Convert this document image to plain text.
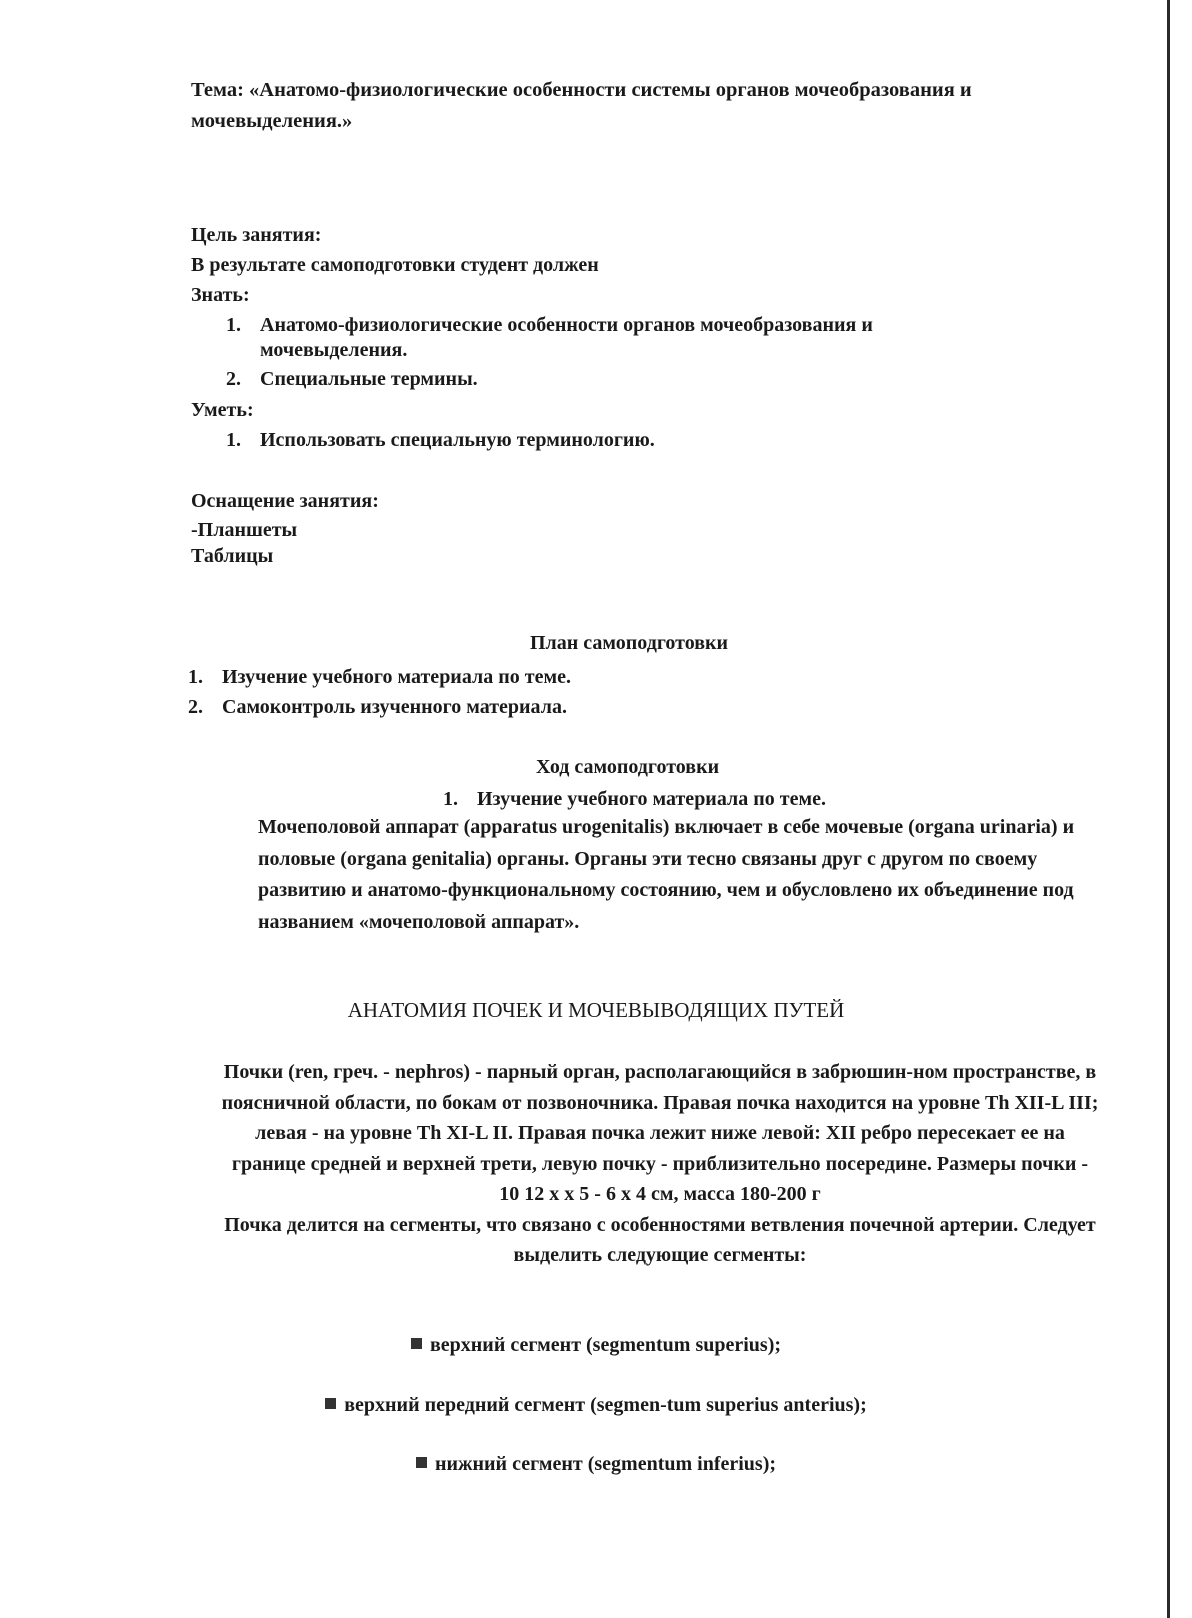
Тема: «Анатомо-физиологические особенности системы органов мочеобразования и мочевыделения.»

Цель занятия:

В результате самоподготовки студент должен

Знать:

1. Анатомо-физиологические особенности органов мочеобразования и мочевыделения.
2. Специальные термины.

Уметь:

1. Использовать специальную терминологию.

Оснащение занятия:

-Планшеты

Таблицы

План самоподготовки

1. Изучение учебного материала по теме.
2. Самоконтроль изученного материала.

Ход самоподготовки

1. Изучение учебного материала по теме.

Мочеполовой аппарат (apparatus urogenitalis) включает в себе мочевые (organa urinaria) и половые (organa genitalia) органы. Органы эти тесно связаны друг с другом по своему развитию и анатомо-функциональному состоянию, чем и обусловлено их объединение под названием «мочеполовой аппарат».

АНАТОМИЯ ПОЧЕК И МОЧЕВЫВОДЯЩИХ ПУТЕЙ

Почки (ren, греч. - nephros) - парный орган, располагающийся в забрюшин-ном пространстве, в поясничной области, по бокам от позвоночника. Правая почка находится на уровне Th XII-L III; левая - на уровне Th XI-L II. Правая почка лежит ниже левой: XII ребро пересекает ее на границе средней и верхней трети, левую почку - приблизительно посередине. Размеры почки - 10 12 х х 5 - 6 х 4 см, масса 180-200 г

Почка делится на сегменты, что связано с особенностями ветвления почечной артерии. Следует выделить следующие сегменты:

верхний сегмент (segmentum superius);
верхний передний сегмент (segmen-tum superius anterius);
нижний сегмент (segmentum inferius);
